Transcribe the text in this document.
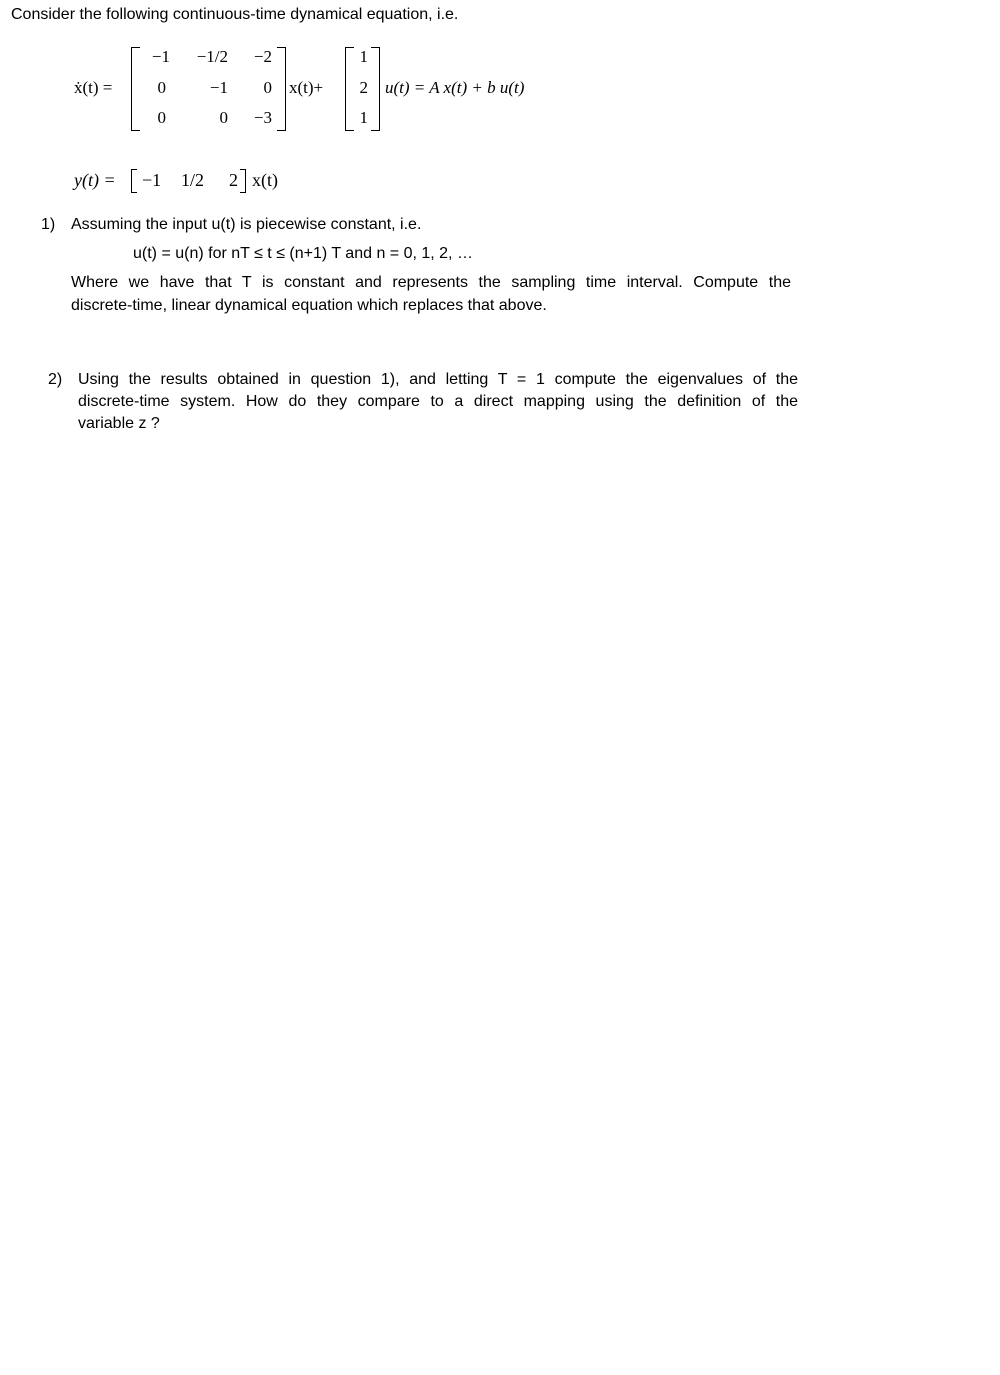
Consider the following continuous-time dynamical equation, i.e.
ẋ(t) =
−1	−1/2	−2
0	−1	0
0	0	−3
x(t)+
1
2
1
u(t) = A x(t) + b u(t)
y(t) = −1 1/2 2 x(t)
1) Assuming the input u(t) is piecewise constant, i.e.
u(t) = u(n) for nT ≤ t ≤ (n+1) T and n = 0, 1, 2, …
Where we have that T is constant and represents the sampling time interval. Compute the
discrete-time, linear dynamical equation which replaces that above.
2) Using the results obtained in question 1), and letting T = 1 compute the eigenvalues of the
discrete-time system. How do they compare to a direct mapping using the definition of the
variable z ?
